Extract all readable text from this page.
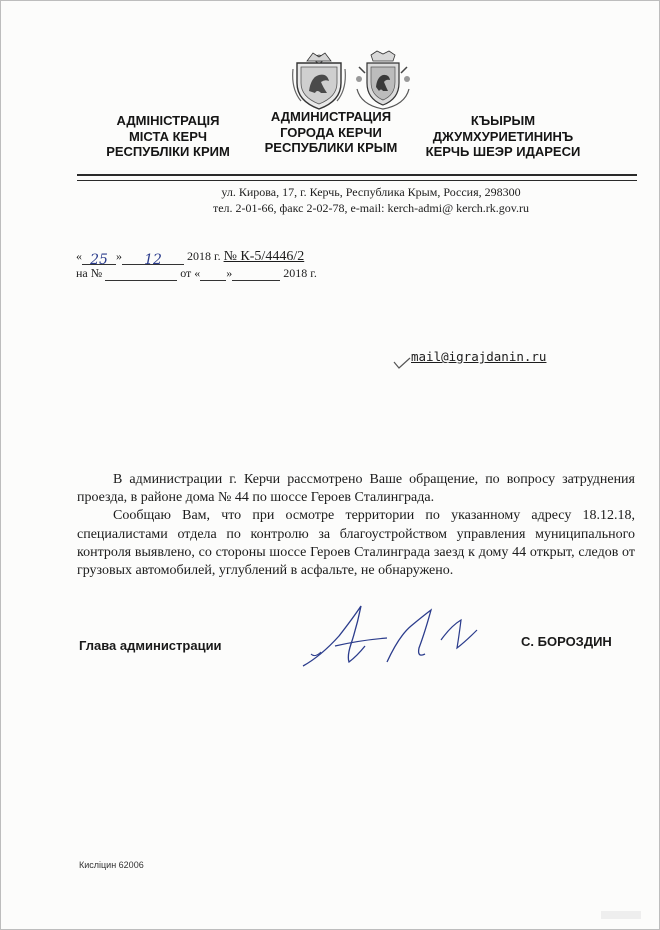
АДМІНІСТРАЦІЯ
МІСТА КЕРЧ
РЕСПУБЛІКИ КРИМ
АДМИНИСТРАЦИЯ
ГОРОДА КЕРЧИ
РЕСПУБЛИКИ КРЫМ
КЪЫРЫМ
ДЖУМХУРИЕТИНИНЪ
КЕРЧЬ ШЕЭР ИДАРЕСИ
ул. Кирова, 17, г. Керчь, Республика Крым, Россия, 298300
тел. 2-01-66, факс 2-02-78, e-mail: kerch-admi@ kerch.rk.gov.ru
« 25 » 12 2018 г. № К-5/4446/2
на №	от « »	2018 г.
mail@igrajdanin.ru

В администрации г. Керчи рассмотрено Ваше обращение, по вопросу затруднения проезда, в районе дома № 44 по шоссе Героев Сталинграда.

Сообщаю Вам, что при осмотре территории по указанному адресу 18.12.18, специалистами отдела по контролю за благоустройством управления муниципального контроля выявлено, со стороны шоссе Героев Сталинграда заезд к дому 44 открыт, следов от грузовых автомобилей, углублений в асфальте, не обнаружено.

Глава администрации	С. БОРОЗДИН
Кисліцин 62006
